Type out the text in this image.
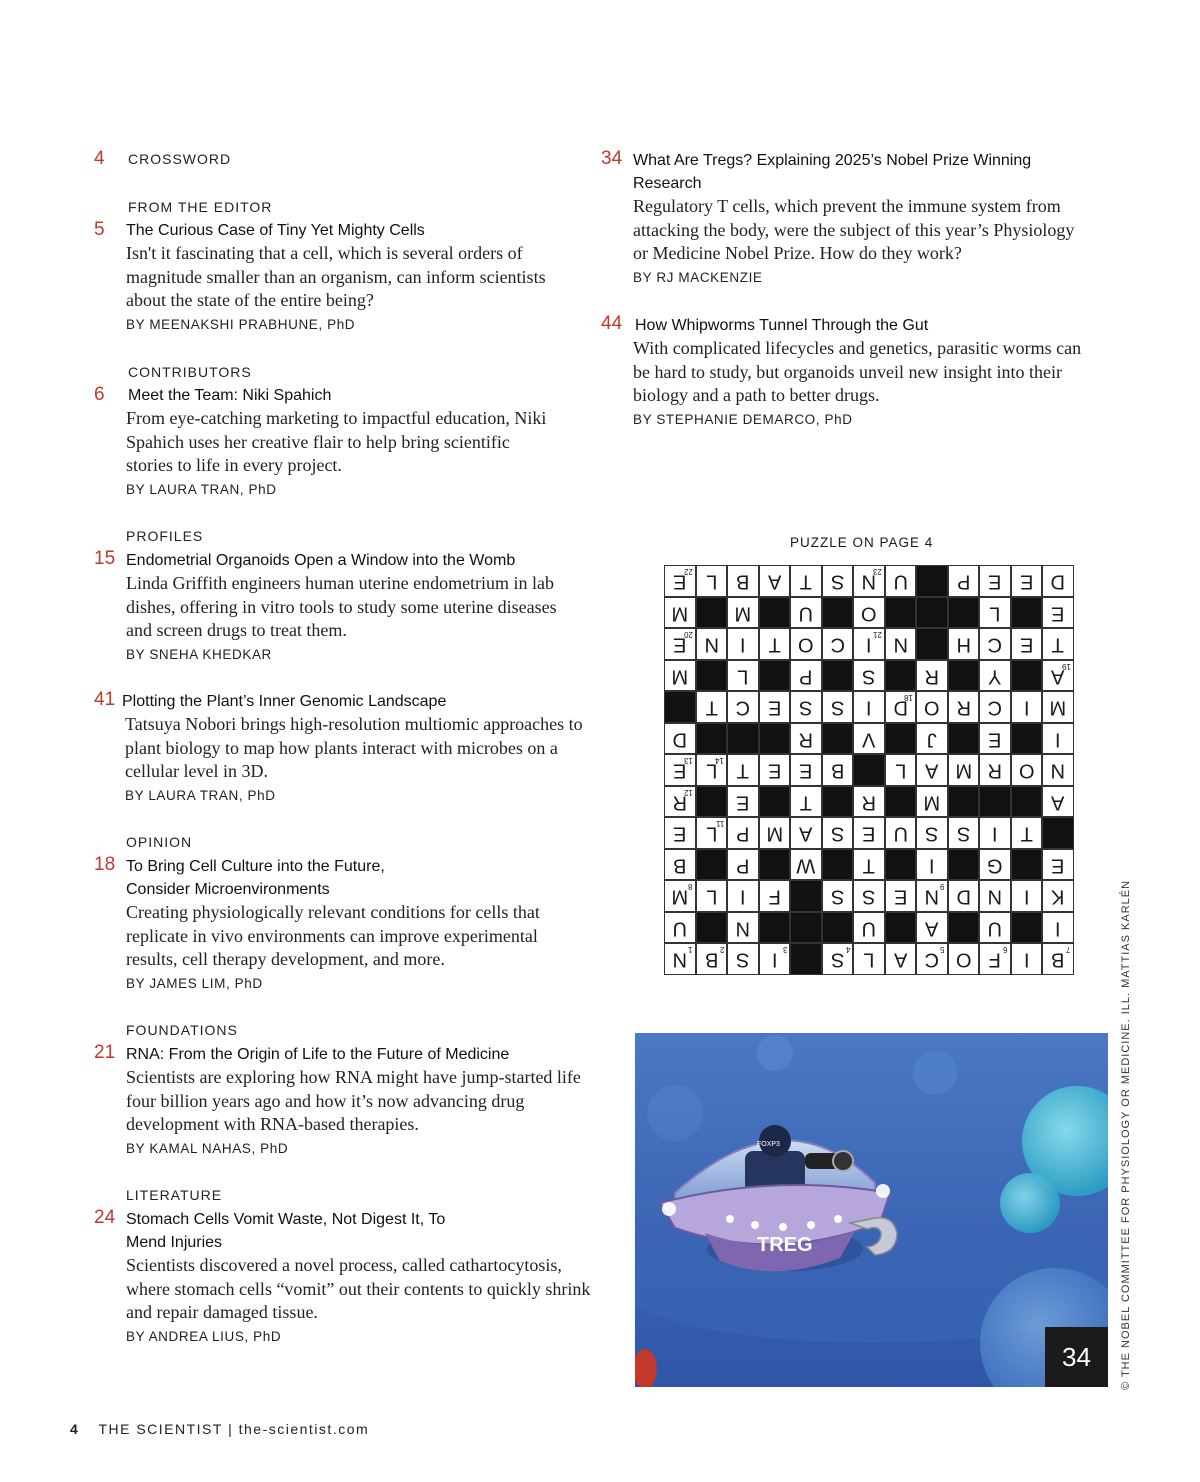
4 CROSSWORD
FROM THE EDITOR
5 The Curious Case of Tiny Yet Mighty Cells
Isn't it fascinating that a cell, which is several orders of magnitude smaller than an organism, can inform scientists about the state of the entire being?
BY MEENAKSHI PRABHUNE, PhD
CONTRIBUTORS
6 Meet the Team: Niki Spahich
From eye-catching marketing to impactful education, Niki Spahich uses her creative flair to help bring scientific stories to life in every project.
BY LAURA TRAN, PhD
PROFILES
15 Endometrial Organoids Open a Window into the Womb
Linda Griffith engineers human uterine endometrium in lab dishes, offering in vitro tools to study some uterine diseases and screen drugs to treat them.
BY SNEHA KHEDKAR
41 Plotting the Plant’s Inner Genomic Landscape
Tatsuya Nobori brings high-resolution multiomic approaches to plant biology to map how plants interact with microbes on a cellular level in 3D.
BY LAURA TRAN, PhD
OPINION
18 To Bring Cell Culture into the Future, Consider Microenvironments
Creating physiologically relevant conditions for cells that replicate in vivo environments can improve experimental results, cell therapy development, and more.
BY JAMES LIM, PhD
FOUNDATIONS
21 RNA: From the Origin of Life to the Future of Medicine
Scientists are exploring how RNA might have jump-started life four billion years ago and how it’s now advancing drug development with RNA-based therapies.
BY KAMAL NAHAS, PhD
LITERATURE
24 Stomach Cells Vomit Waste, Not Digest It, To Mend Injuries
Scientists discovered a novel process, called cathartocytosis, where stomach cells “vomit” out their contents to quickly shrink and repair damaged tissue.
BY ANDREA LIUS, PhD
34 What Are Tregs? Explaining 2025’s Nobel Prize Winning Research
Regulatory T cells, which prevent the immune system from attacking the body, were the subject of this year’s Physiology or Medicine Nobel Prize. How do they work?
BY RJ MACKENZIE
44 How Whipworms Tunnel Through the Gut
With complicated lifecycles and genetics, parasitic worms can be hard to study, but organoids unveil new insight into their biology and a path to better drugs.
BY STEPHANIE DEMARCO, PhD
PUZZLE ON PAGE 4
E
22 L B A T S N
23 U	P E E D
M	M	U	O	L	E
E
20 N	I	T O C	I 21 N	H C E T
M	L	P	S	R	Y	A
19
T C E S S	I	D
18 O R C	I	M
D	R	V	J	E	I
E
13 L
14 T E E B	L A M R O N
R
12	E	T	R	M	A
E L
11 P M A S E U S S	I	T
B	P	W	T	I	G	E
M 8 L	I	F	S S E N 9 D N	I	K
U	N	U	A	U	I
N 1 B 2 S	I 3	S 4 L A C 5 O F 6 I	B 7
TREG
FOXP3
34	© THE NOBEL COMMITTEE FOR PHYSIOLOGY OR MEDICINE. ILL. MATTIAS KARLÉN
4 THE SCIENTIST | the-scientist.com
